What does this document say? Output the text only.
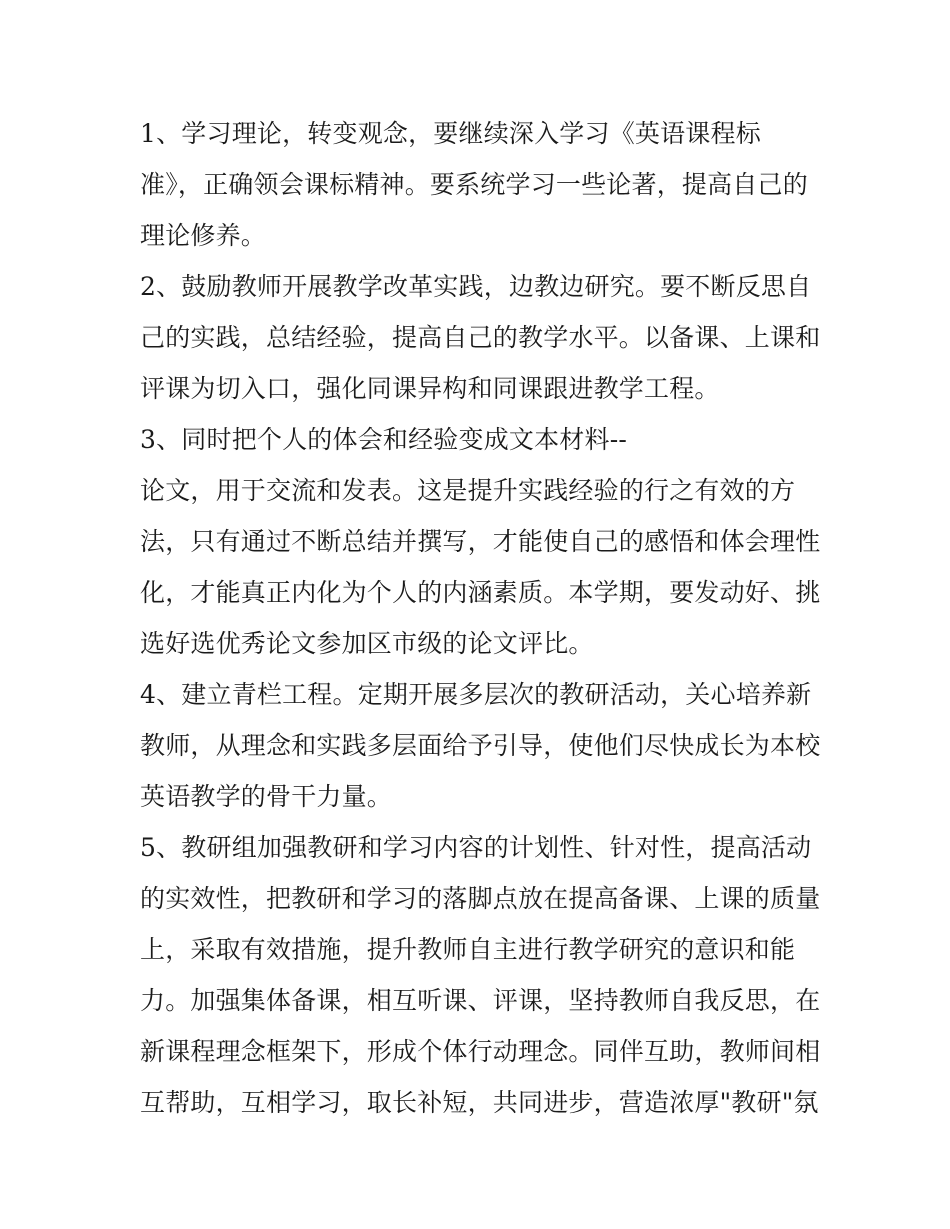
1、学习理论，转变观念，要继续深入学习《英语课程标
准》，正确领会课标精神。要系统学习一些论著，提高自己的
理论修养。
2、鼓励教师开展教学改革实践，边教边研究。要不断反思自
己的实践，总结经验，提高自己的教学水平。以备课、上课和
评课为切入口，强化同课异构和同课跟进教学工程。
3、同时把个人的体会和经验变成文本材料--
论文，用于交流和发表。这是提升实践经验的行之有效的方
法，只有通过不断总结并撰写，才能使自己的感悟和体会理性
化，才能真正内化为个人的内涵素质。本学期，要发动好、挑
选好选优秀论文参加区市级的论文评比。
4、建立青栏工程。定期开展多层次的教研活动，关心培养新
教师，从理念和实践多层面给予引导，使他们尽快成长为本校
英语教学的骨干力量。
5、教研组加强教研和学习内容的计划性、针对性，提高活动
的实效性，把教研和学习的落脚点放在提高备课、上课的质量
上，采取有效措施，提升教师自主进行教学研究的意识和能
力。加强集体备课，相互听课、评课，坚持教师自我反思，在
新课程理念框架下，形成个体行动理念。同伴互助，教师间相
互帮助，互相学习，取长补短，共同进步，营造浓厚"教研"氛
